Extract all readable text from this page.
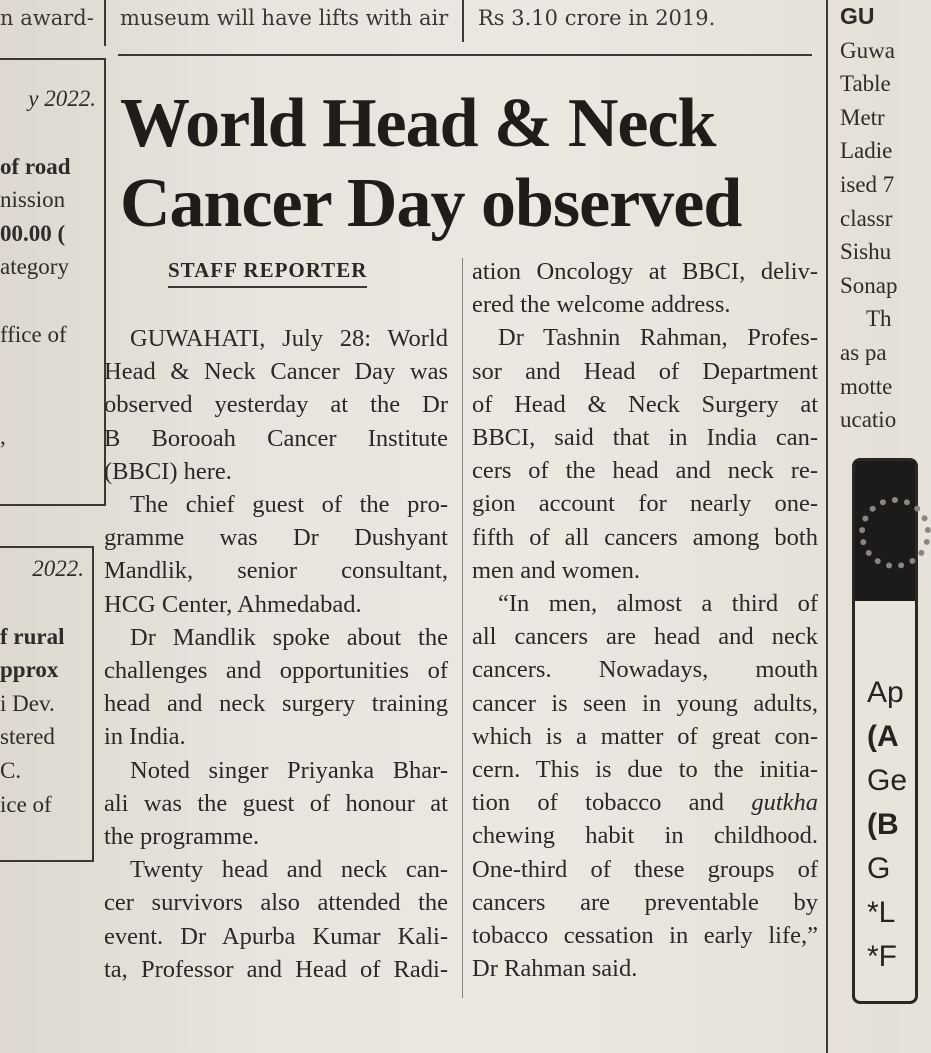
n award- museum will have lifts with air Rs 3.10 crore in 2019.
y 2022.
of road
nission
00.00 (
ategory
ffice of
,
2022.
f rural
pprox
i Dev.
stered
C.
ice of
GU
Guwa
Table
Metr
Ladie
ised 7
classr
Sishu
Sonap
Th
as pa
motte
ucatio
Ap
(A
Ge
(B
G
*L
*F
World Head & Neck
Cancer Day observed
STAFF REPORTER
GUWAHATI, July 28: World
Head & Neck Cancer Day was
observed yesterday at the Dr
B Borooah Cancer Institute
(BBCI) here.
The chief guest of the pro-
gramme was Dr Dushyant
Mandlik, senior consultant,
HCG Center, Ahmedabad.
Dr Mandlik spoke about the
challenges and opportunities of
head and neck surgery training
in India.
Noted singer Priyanka Bhar-
ali was the guest of honour at
the programme.
Twenty head and neck can-
cer survivors also attended the
event. Dr Apurba Kumar Kali-
ta, Professor and Head of Radi-
ation Oncology at BBCI, deliv-
ered the welcome address.
Dr Tashnin Rahman, Profes-
sor and Head of Department
of Head & Neck Surgery at
BBCI, said that in India can-
cers of the head and neck re-
gion account for nearly one-
fifth of all cancers among both
men and women.
“In men, almost a third of
all cancers are head and neck
cancers. Nowadays, mouth
cancer is seen in young adults,
which is a matter of great con-
cern. This is due to the initia-
tion of tobacco and gutkha
chewing habit in childhood.
One-third of these groups of
cancers are preventable by
tobacco cessation in early life,”
Dr Rahman said.
